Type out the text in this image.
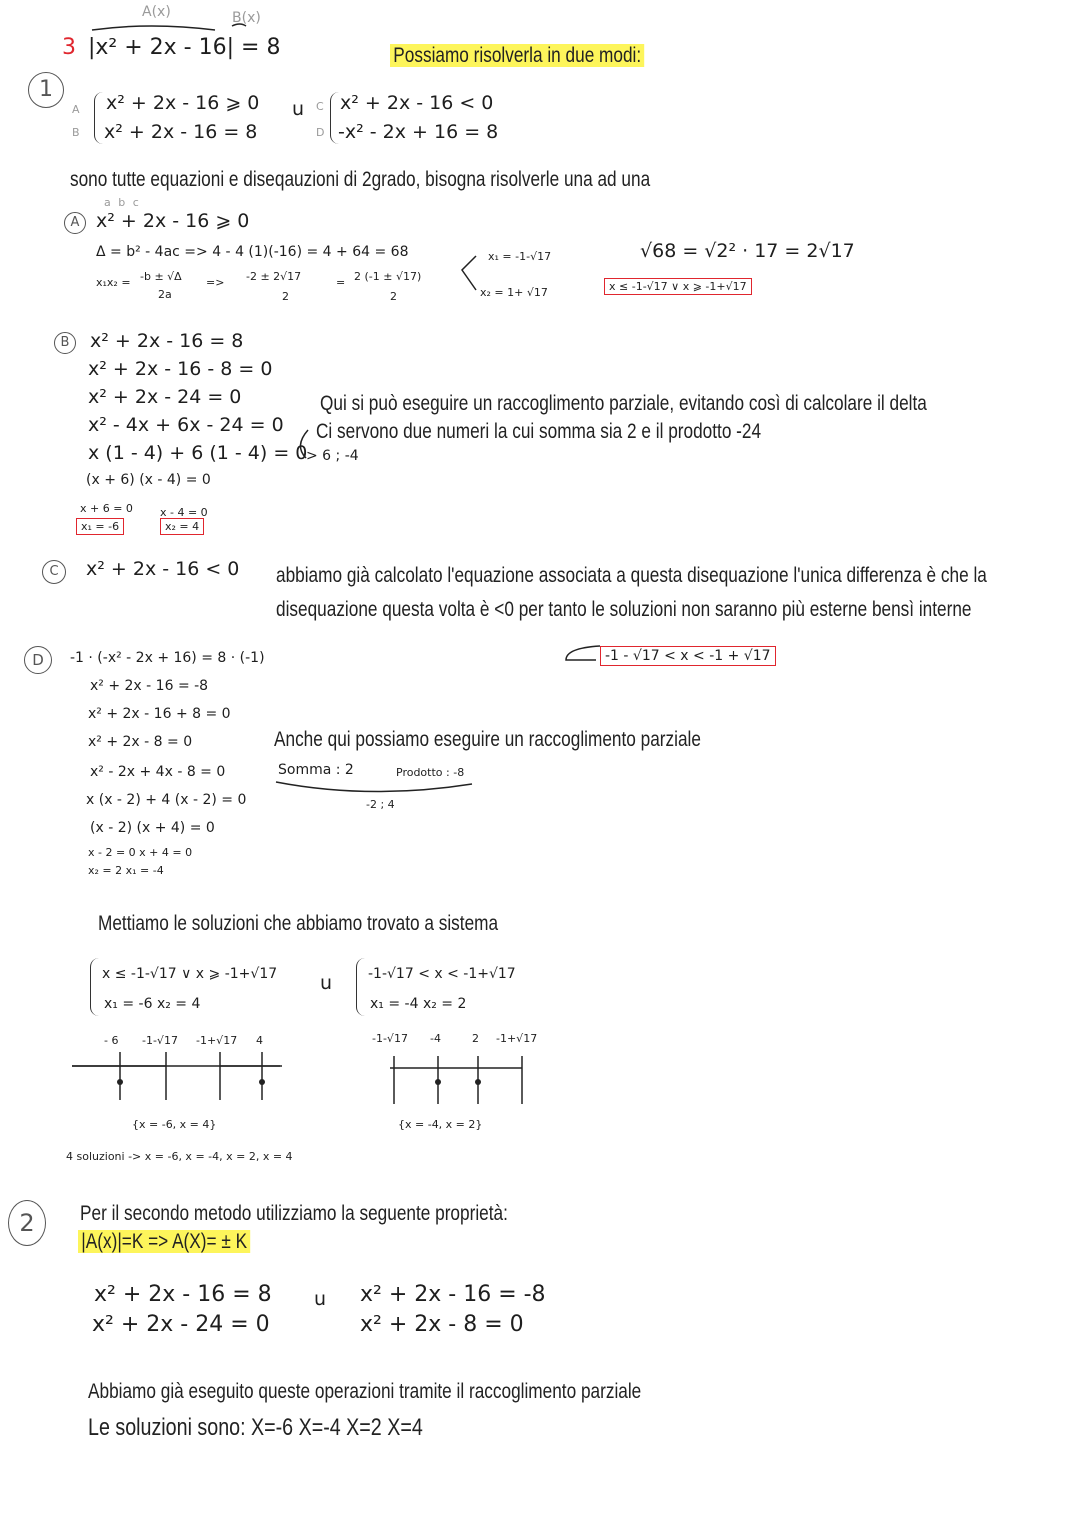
A(x)	B(x)
3 |x² + 2x - 16| = 8	Possiamo risolverla in due modi:
1
A
B
x² + 2x - 16 ⩾ 0
x² + 2x - 16 = 8
u C
D
x² + 2x - 16 < 0
-x² - 2x + 16 = 8
sono tutte equazioni e diseqauzioni di 2grado, bisogna risolverle una ad una
a b c
A x² + 2x - 16 ⩾ 0
Δ = b² - 4ac => 4 - 4 (1)(-16) = 4 + 64 = 68
x₁x₂ = -b ± √Δ
2a
=> -2 ± 2√17
2
= 2 (-1 ± √17)
2
x₁ = -1-√17
x₂ = 1+ √17
√68 = √2² · 17 = 2√17
x ≤ -1-√17 ∨ x ⩾ -1+√17
B	x² + 2x - 16 = 8
x² + 2x - 16 - 8 = 0
x² + 2x - 24 = 0
x² - 4x + 6x - 24 = 0
x (1 - 4) + 6 (1 - 4) = 0
(x + 6) (x - 4) = 0
x + 6 = 0 x - 4 = 0
x₁ = -6	x₂ = 4
Qui si può eseguire un raccoglimento parziale, evitando così di calcolare il delta
Ci servono due numeri la cui somma sia 2 e il prodotto -24
> 6 ; -4
C	x² + 2x - 16 < 0 abbiamo già calcolato l'equazione associata a questa disequazione l'unica differenza è che la
disequazione questa volta è <0 per tanto le soluzioni non saranno più esterne bensì interne
-1 - √17 < x < -1 + √17
D	-1 · (-x² - 2x + 16) = 8 · (-1)
x² + 2x - 16 = -8
x² + 2x - 16 + 8 = 0
x² + 2x - 8 = 0
x² - 2x + 4x - 8 = 0
x (x - 2) + 4 (x - 2) = 0
(x - 2) (x + 4) = 0
x - 2 = 0 x + 4 = 0
x₂ = 2 x₁ = -4
Anche qui possiamo eseguire un raccoglimento parziale
Somma : 2	Prodotto : -8
-2 ; 4
Mettiamo le soluzioni che abbiamo trovato a sistema
x ≤ -1-√17 ∨ x ⩾ -1+√17
x₁ = -6 x₂ = 4
u	-1-√17 < x < -1+√17
x₁ = -4 x₂ = 2
- 6 -1-√17 -1+√17 4	-1-√17 -4	2 -1+√17
{x = -6, x = 4}	{x = -4, x = 2}
4 soluzioni -> x = -6, x = -4, x = 2, x = 4
2	Per il secondo metodo utilizziamo la seguente proprietà:
|A(x)|=K => A(X)= ± K
x² + 2x - 16 = 8
x² + 2x - 24 = 0
u x² + 2x - 16 = -8
x² + 2x - 8 = 0
Abbiamo già eseguito queste operazioni tramite il raccoglimento parziale
Le soluzioni sono: X=-6 X=-4 X=2 X=4
